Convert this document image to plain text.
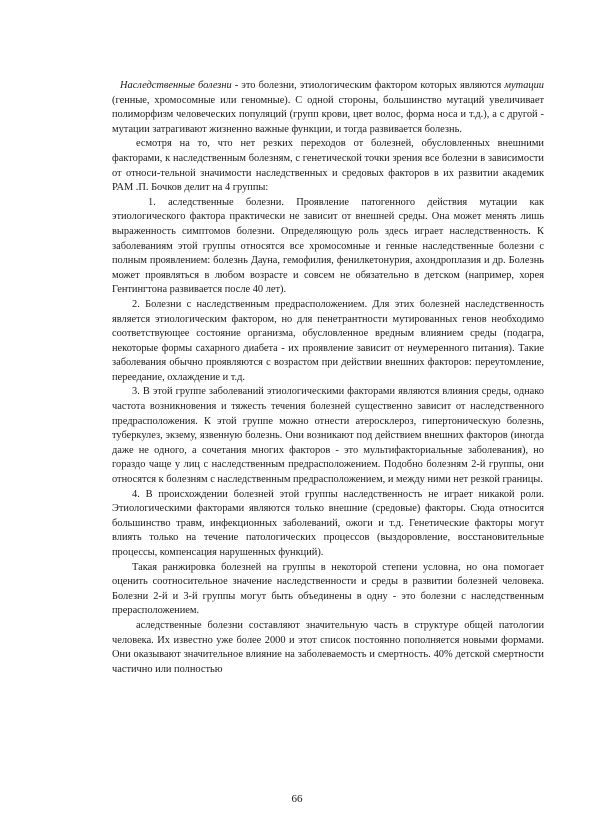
Наследственные болезни - это болезни, этиологическим фактором которых являются мутации (генные, хромосомные или геномные). С одной стороны, большинство мутаций увеличивает полиморфизм человеческих популяций (групп крови, цвет волос, форма носа и т.д.), а с другой - мутации затрагивают жизненно важные функции, и тогда развивается болезнь.

есмотря на то, что нет резких переходов от болезней, обусловленных внешними факторами, к наследственным болезням, с генетической точки зрения все болезни в зависимости от относи-тельной значимости наследственных и средовых факторов в их развитии академик РАМ .П. Бочков делит на 4 группы:

1. аследственные болезни. Проявление патогенного действия мутации как этиологического фактора практически не зависит от внешней среды. Она может менять лишь выраженность симптомов болезни. Определяющую роль здесь играет наследственность. К заболеваниям этой группы относятся все хромосомные и генные наследственные болезни с полным проявлением: болезнь Дауна, гемофилия, фенилкетонурия, ахондроплазия и др. Болезнь может проявляться в любом возрасте и совсем не обязательно в детском (например, хорея Гентингтона развивается после 40 лет).

2. Болезни с наследственным предрасположением. Для этих болезней наследственность является этиологическим фактором, но для пенетрантности мутированных генов необходимо соответствующее состояние организма, обусловленное вредным влиянием среды (подагра, некоторые формы сахарного диабета - их проявление зависит от неумеренного питания). Такие заболевания обычно проявляются с возрастом при действии внешних факторов: переутомление, переедание, охлаждение и т.д.

3. В этой группе заболеваний этиологическими факторами являются влияния среды, однако частота возникновения и тяжесть течения болезней существенно зависит от наследственного предрасположения. К этой группе можно отнести атеросклероз, гипертоническую болезнь, туберкулез, экзему, язвенную болезнь. Они возникают под действием внешних факторов (иногда даже не одного, а сочетания многих факторов - это мультифакториальные заболевания), но гораздо чаще у лиц с наследственным предрасположением. Подобно болезням 2-й группы, они относятся к болезням с наследственным предрасположением, и между ними нет резкой границы.

4. В происхождении болезней этой группы наследственность не играет никакой роли. Этиологическими факторами являются только внешние (средовые) факторы. Сюда относится большинство травм, инфекционных заболеваний, ожоги и т.д. Генетические факторы могут влиять только на течение патологических процессов (выздоровление, восстановительные процессы, компенсация нарушенных функций).

Такая ранжировка болезней на группы в некоторой степени условна, но она помогает оценить соотносительное значение наследственности и среды в развитии болезней человека. Болезни 2-й и 3-й группы могут быть объединены в одну - это болезни с наследственным прерасположением.

аследственные болезни составляют значительную часть в структуре общей патологии человека. Их известно уже более 2000 и этот список постоянно пополняется новыми формами. Они оказывают значительное влияние на заболеваемость и смертность. 40% детской смертности частично или полностью

66
